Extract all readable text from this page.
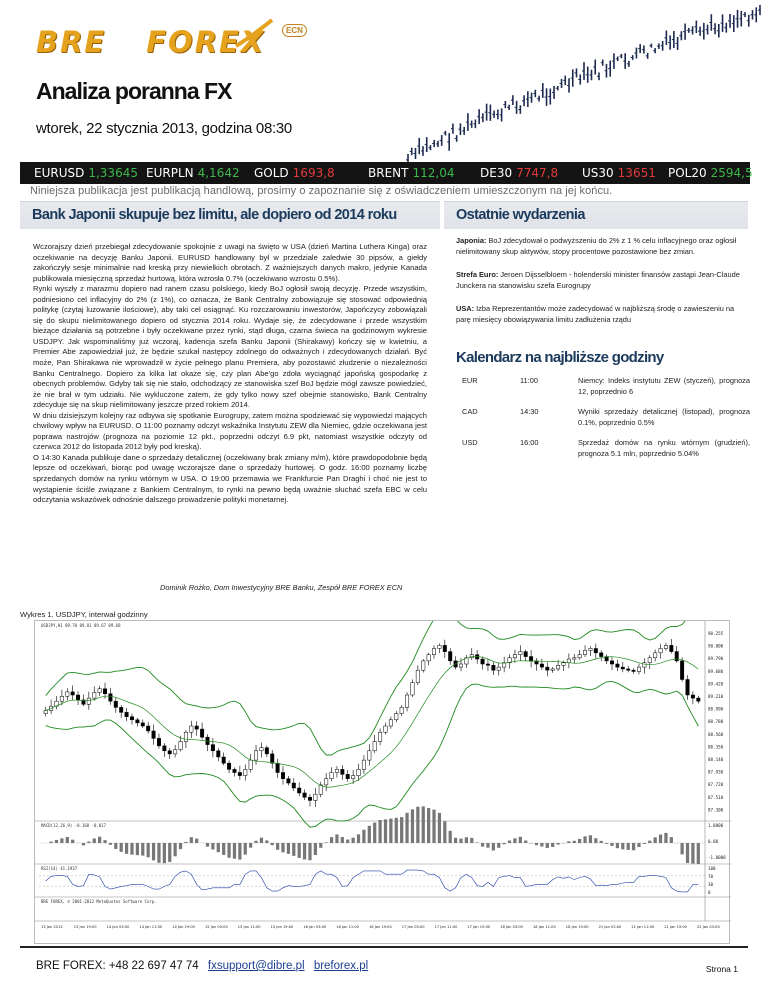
BRE FOREX	ECN
Analiza poranna FX
wtorek, 22 stycznia 2013, godzina 08:30
EURUSD 1,33645 EURPLN 4,1642 GOLD 1693,8	BRENT 112,04 DE30 7747,8 US30 13651 POL20 2594,5
Niniejsza publikacja jest publikacją handlową, prosimy o zapoznanie się z oświadczeniem umieszczonym na jej końcu.
Bank Japonii skupuje bez limitu, ale dopiero od 2014 roku	Ostatnie wydarzenia

Wczorajszy dzień przebiegał zdecydowanie spokojnie z uwagi na święto w USA (dzień Martina Luthera Kinga) oraz oczekiwanie na decyzję Banku Japonii. EURUSD handlowany był w przedziale zaledwie 30 pipsów, a giełdy zakończyły sesje minimalnie nad kreską przy niewielkich obrotach. Z ważniejszych danych makro, jedynie Kanada publikowała miesięczną sprzedaż hurtową, która wzrosła 0.7% (oczekiwano wzrostu 0.5%).

Rynki wyszły z marazmu dopiero nad ranem czasu polskiego, kiedy BoJ ogłosił swoją decyzję. Przede wszystkim, podniesiono cel inflacyjny do 2% (z 1%), co oznacza, że Bank Centralny zobowiązuje się stosować odpowiednią politykę (czytaj luzowanie ilościowe), aby taki cel osiągnąć. Ku rozczarowaniu inwestorów, Japończycy zobowiązali się do skupu nielimitowanego dopiero od stycznia 2014 roku. Wydaje się, że zdecydowane i przede wszystkim bieżące działania są potrzebne i były oczekiwane przez rynki, stąd długa, czarna świeca na godzinowym wykresie USDJPY. Jak wspominaliśmy już wczoraj, kadencja szefa Banku Japonii (Shirakawy) kończy się w kwietniu, a Premier Abe zapowiedział już, że będzie szukał następcy zdolnego do odważnych i zdecydowanych działań. Być może, Pan Shirakawa nie wprowadził w życie pełnego planu Premiera, aby pozostawić złudzenie o niezależności Banku Centralnego. Dopiero za kilka lat okaże się, czy plan Abe'go zdoła wyciągnąć japońską gospodarkę z obecnych problemów. Gdyby tak się nie stało, odchodzący ze stanowiska szef BoJ będzie mógł zawsze powiedzieć, że nie brał w tym udziału. Nie wykluczone zatem, że gdy tylko nowy szef obejmie stanowisko, Bank Centralny zdecyduje się na skup nielimitowany jeszcze przed rokiem 2014.

W dniu dzisiejszym kolejny raz odbywa się spotkanie Eurogrupy, zatem można spodziewać się wypowiedzi mających chwilowy wpływ na EURUSD. O 11:00 poznamy odczyt wskaźnika Instytutu ZEW dla Niemiec, gdzie oczekiwana jest poprawa nastrojów (prognoza na poziomie 12 pkt., poprzedni odczyt 6.9 pkt, natomiast wszystkie odczyty od czerwca 2012 do listopada 2012 były pod kreską).

O 14:30 Kanada publikuje dane o sprzedaży detalicznej (oczekiwany brak zmiany m/m), które prawdopodobnie będą lepsze od oczekiwań, biorąc pod uwagę wczorajsze dane o sprzedaży hurtowej. O godz. 16:00 poznamy liczbę sprzedanych domów na rynku wtórnym w USA. O 19:00 przemawia we Frankfurcie Pan Draghi i choć nie jest to wystąpienie ściśle związane z Bankiem Centralnym, to rynki na pewno będą uważnie słuchać szefa EBC w celu odczytania wskazówek odnośnie dalszego prowadzenie polityki monetarnej.

Japonia: BoJ zdecydował o podwyższeniu do 2% z 1 % celu inflacyjnego oraz ogłosił nielimitowany skup aktywów, stopy procentowe pozostawione bez zmian.
Strefa Euro: Jeroen Dijsselbloem - holenderski minister finansów zastąpi Jean-Claude Junckera na stanowisku szefa Eurogrupy
USA: Izba Reprezentantów może zadecydować w najbliższą środę o zawieszeniu na parę miesięcy obowiązywania limitu zadłużenia rządu
Kalendarz na najbliższe godziny
EUR	11:00	Niemcy: Indeks instytutu ZEW (styczeń), prognoza 12, poprzednio 6
CAD	14:30	Wyniki sprzedaży detalicznej (listopad), prognoza 0.1%, poprzednio 0.5%
USD	16:00	Sprzedaż domów na rynku wtórnym (grudzień), prognoza 5.1 mln, poprzednio 5.04%
Dominik Rożko, Dom Inwestycyjny BRE Banku, Zespół BRE FOREX ECN
Wykres 1. USDJPY, interwał godzinny
90.255
90.000
89.790
89.680
89.420
89.210
88.990
88.780
88.560
88.350
88.140
87.930
87.720
87.510
87.300
1.0000
0.00
-1.0000
100
70
30
0
13 Jan 2013	13 Jan 19:00	14 Jan 03:00	14 Jan 11:00	14 Jan 19:00	15 Jan 03:00	15 Jan 11:00	15 Jan 19:00	16 Jan 03:00	16 Jan 11:00	16 Jan 19:00	17 Jan 03:00	17 Jan 11:00	17 Jan 19:00	18 Jan 03:00	18 Jan 11:00	18 Jan 19:00	21 Jan 03:00	21 Jan 11:00	21 Jan 19:00	22 Jan 03:00
USDJPY,H1 89.78 89.81 89.67 89.68
MACD(12,26,9) -0.168 -0.017
RSI(14) 41.1937
BRE FOREX, © 2001-2012 MetaQuotes Software Corp.
BRE FOREX: +48 22 697 47 74 fxsupport@dibre.pl breforex.pl	Strona 1
